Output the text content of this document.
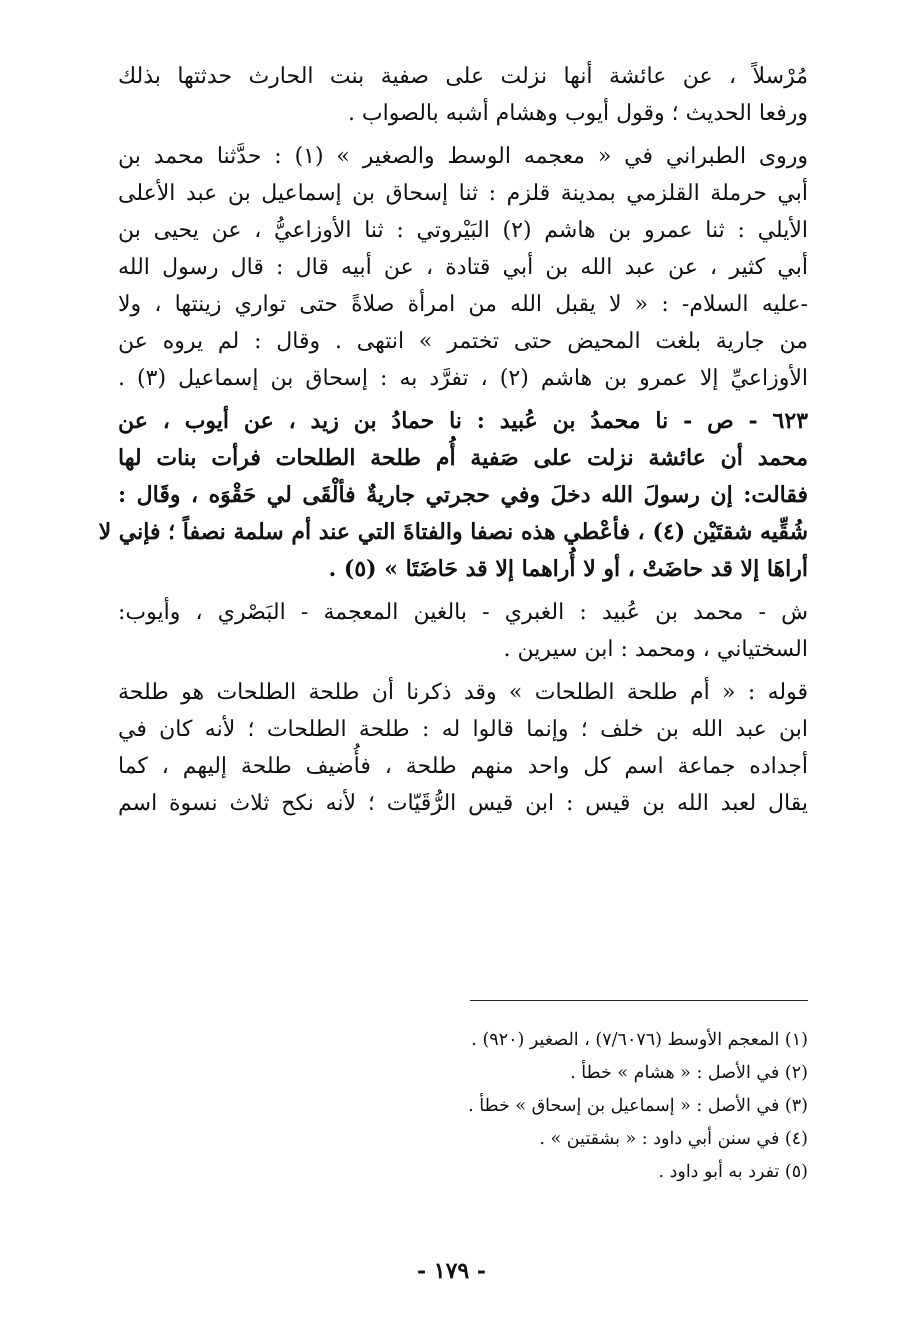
مُرْسلاً ، عن عائشة أنها نزلت على صفية بنت الحارث حدثتها بذلك
ورفعا الحديث ؛ وقول أيوب وهشام أشبه بالصواب .
وروى الطبراني في « معجمه الوسط والصغير » (١) : حدَّثنا محمد بن
أبي حرملة القلزمي بمدينة قلزم : ثنا إسحاق بن إسماعيل بن عبد الأعلى
الأيلي : ثنا عمرو بن هاشم (٢) البَيْروتي : ثنا الأوزاعيُّ ، عن يحيى بن
أبي كثير ، عن عبد الله بن أبي قتادة ، عن أبيه قال : قال رسول الله
-عليه السلام- : « لا يقبل الله من امرأة صلاةً حتى تواري زينتها ، ولا
من جارية بلغت المحيض حتى تختمر » انتهى . وقال : لم يروه عن
الأوزاعيِّ إلا عمرو بن هاشم (٢) ، تفرَّد به : إسحاق بن إسماعيل (٣) .
٦٢٣ - ص - نا محمدُ بن عُبيد : نا حمادُ بن زيد ، عن أيوب ، عن
محمد أن عائشة نزلت على صَفية أُم طلحة الطلحات فرأت بنات لها
فقالت: إن رسولَ الله دخلَ وفي حجرتي جاريةٌ فألْقَى لي حَقْوَه ، وقَال :
شُقِّيه شقتَيْن (٤) ، فأعْطي هذه نصفا والفتاةَ التي عند أم سلمة نصفاً ؛ فإني لا
أراهَا إلا قد حاضَتْ ، أو لا أُراهما إلا قد حَاضَتَا » (٥) .
ش - محمد بن عُبيد : الغبري - بالغين المعجمة - البَصْري ، وأيوب:
السختياني ، ومحمد : ابن سيرين .
قوله : « أم طلحة الطلحات » وقد ذكرنا أن طلحة الطلحات هو طلحة
ابن عبد الله بن خلف ؛ وإنما قالوا له : طلحة الطلحات ؛ لأنه كان في
أجداده جماعة اسم كل واحد منهم طلحة ، فأُضيف طلحة إليهم ، كما
يقال لعبد الله بن قيس : ابن قيس الرُّقَيّات ؛ لأنه نكح ثلاث نسوة اسم
(١) المعجم الأوسط (٧/٦٠٧٦) ، الصغير (٩٢٠) .
(٢) في الأصل : « هشام » خطأ .
(٣) في الأصل : « إسماعيل بن إسحاق » خطأ .
(٤) في سنن أبي داود : « بشقتين » .
(٥) تفرد به أبو داود .
- ١٧٩ -
